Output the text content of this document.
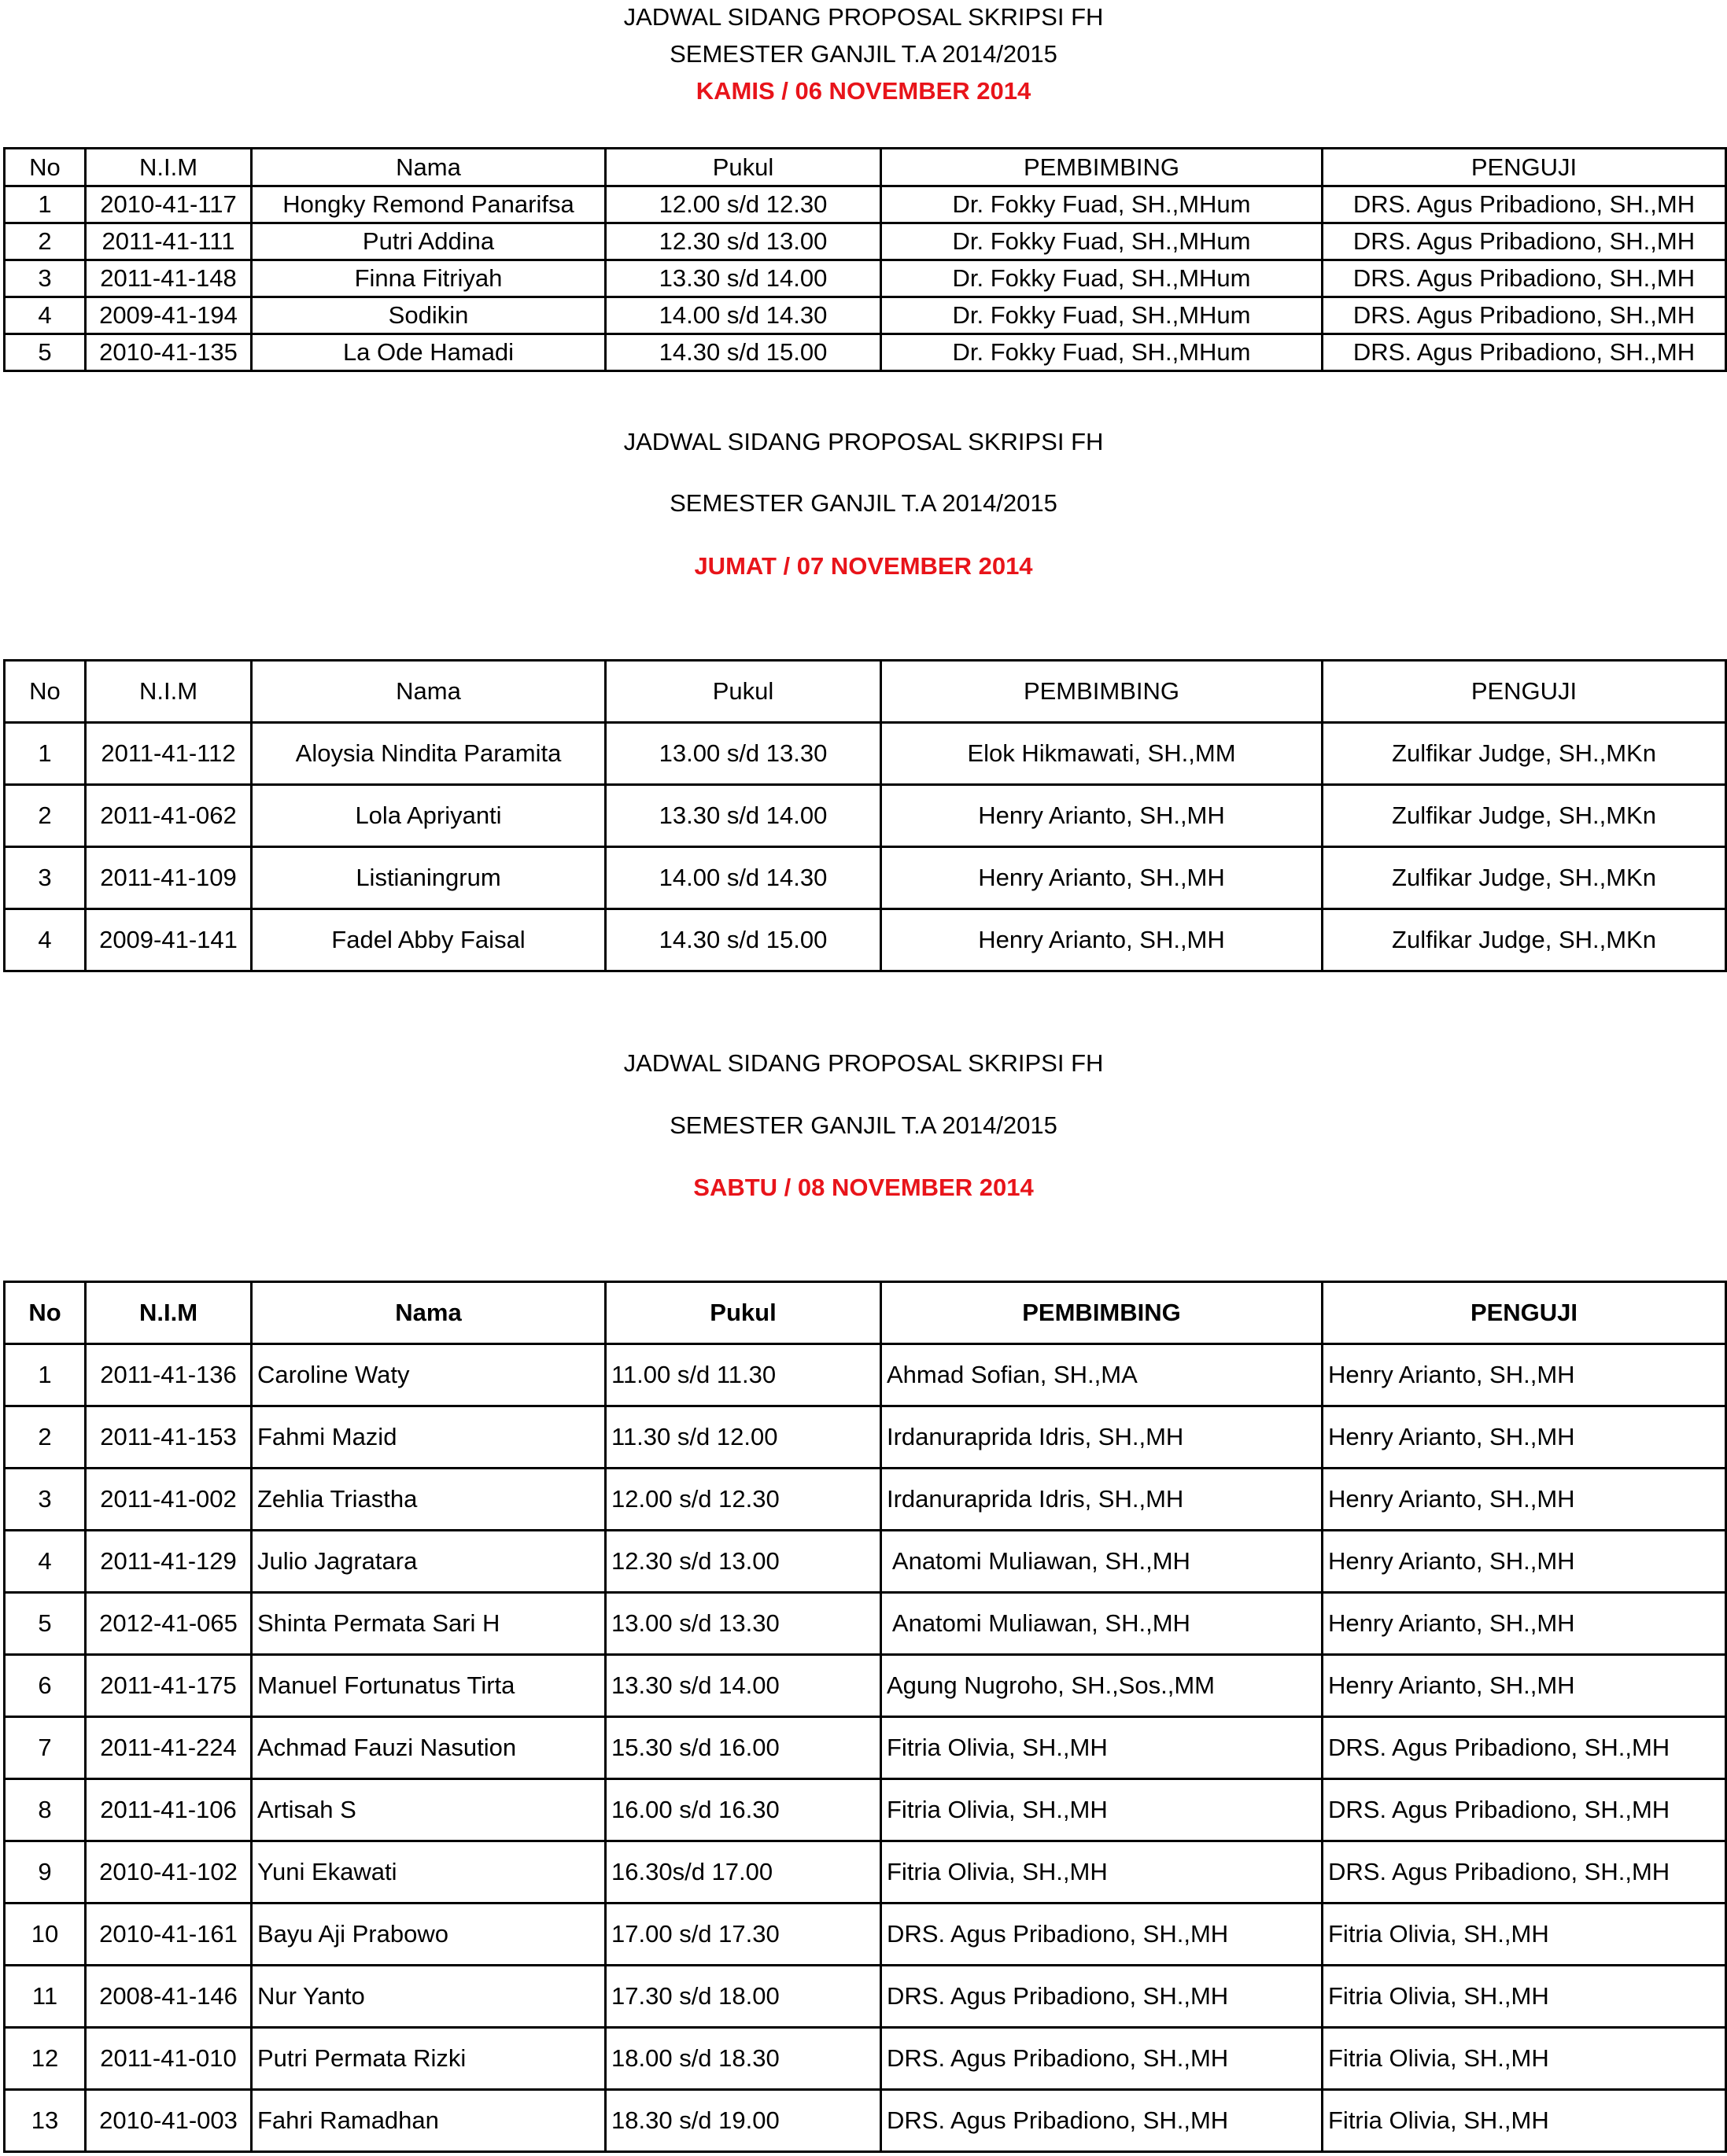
JADWAL SIDANG PROPOSAL SKRIPSI FH
SEMESTER GANJIL T.A 2014/2015
KAMIS / 06 NOVEMBER 2014
No	N.I.M	Nama	Pukul	PEMBIMBING	PENGUJI
1	2010-41-117	Hongky Remond Panarifsa	12.00 s/d 12.30	Dr. Fokky Fuad, SH.,MHum	DRS. Agus Pribadiono, SH.,MH
2	2011-41-111	Putri Addina	12.30 s/d 13.00	Dr. Fokky Fuad, SH.,MHum	DRS. Agus Pribadiono, SH.,MH
3	2011-41-148	Finna Fitriyah	13.30 s/d 14.00	Dr. Fokky Fuad, SH.,MHum	DRS. Agus Pribadiono, SH.,MH
4	2009-41-194	Sodikin	14.00 s/d 14.30	Dr. Fokky Fuad, SH.,MHum	DRS. Agus Pribadiono, SH.,MH
5	2010-41-135	La Ode Hamadi	14.30 s/d 15.00	Dr. Fokky Fuad, SH.,MHum	DRS. Agus Pribadiono, SH.,MH
JADWAL SIDANG PROPOSAL SKRIPSI FH
SEMESTER GANJIL T.A 2014/2015
JUMAT / 07 NOVEMBER 2014
No	N.I.M	Nama	Pukul	PEMBIMBING	PENGUJI
1	2011-41-112	Aloysia Nindita Paramita	13.00 s/d 13.30	Elok Hikmawati, SH.,MM	Zulfikar Judge, SH.,MKn
2	2011-41-062	Lola Apriyanti	13.30 s/d 14.00	Henry Arianto, SH.,MH	Zulfikar Judge, SH.,MKn
3	2011-41-109	Listianingrum	14.00 s/d 14.30	Henry Arianto, SH.,MH	Zulfikar Judge, SH.,MKn
4	2009-41-141	Fadel Abby Faisal	14.30 s/d 15.00	Henry Arianto, SH.,MH	Zulfikar Judge, SH.,MKn
JADWAL SIDANG PROPOSAL SKRIPSI FH
SEMESTER GANJIL T.A 2014/2015
SABTU / 08 NOVEMBER 2014
No	N.I.M	Nama	Pukul	PEMBIMBING	PENGUJI
1	2011-41-136	Caroline Waty	11.00 s/d 11.30	Ahmad Sofian, SH.,MA	Henry Arianto, SH.,MH
2	2011-41-153	Fahmi Mazid	11.30 s/d 12.00	Irdanuraprida Idris, SH.,MH	Henry Arianto, SH.,MH
3	2011-41-002	Zehlia Triastha	12.00 s/d 12.30	Irdanuraprida Idris, SH.,MH	Henry Arianto, SH.,MH
4	2011-41-129	Julio Jagratara	12.30 s/d 13.00	Anatomi Muliawan, SH.,MH	Henry Arianto, SH.,MH
5	2012-41-065	Shinta Permata Sari H	13.00 s/d 13.30	Anatomi Muliawan, SH.,MH	Henry Arianto, SH.,MH
6	2011-41-175	Manuel Fortunatus Tirta	13.30 s/d 14.00	Agung Nugroho, SH.,Sos.,MM	Henry Arianto, SH.,MH
7	2011-41-224	Achmad Fauzi Nasution	15.30 s/d 16.00	Fitria Olivia, SH.,MH	DRS. Agus Pribadiono, SH.,MH
8	2011-41-106	Artisah S	16.00 s/d 16.30	Fitria Olivia, SH.,MH	DRS. Agus Pribadiono, SH.,MH
9	2010-41-102	Yuni Ekawati	16.30s/d 17.00	Fitria Olivia, SH.,MH	DRS. Agus Pribadiono, SH.,MH
10	2010-41-161	Bayu Aji Prabowo	17.00 s/d 17.30	DRS. Agus Pribadiono, SH.,MH	Fitria Olivia, SH.,MH
11	2008-41-146	Nur Yanto	17.30 s/d 18.00	DRS. Agus Pribadiono, SH.,MH	Fitria Olivia, SH.,MH
12	2011-41-010	Putri Permata Rizki	18.00 s/d 18.30	DRS. Agus Pribadiono, SH.,MH	Fitria Olivia, SH.,MH
13	2010-41-003	Fahri Ramadhan	18.30 s/d 19.00	DRS. Agus Pribadiono, SH.,MH	Fitria Olivia, SH.,MH
